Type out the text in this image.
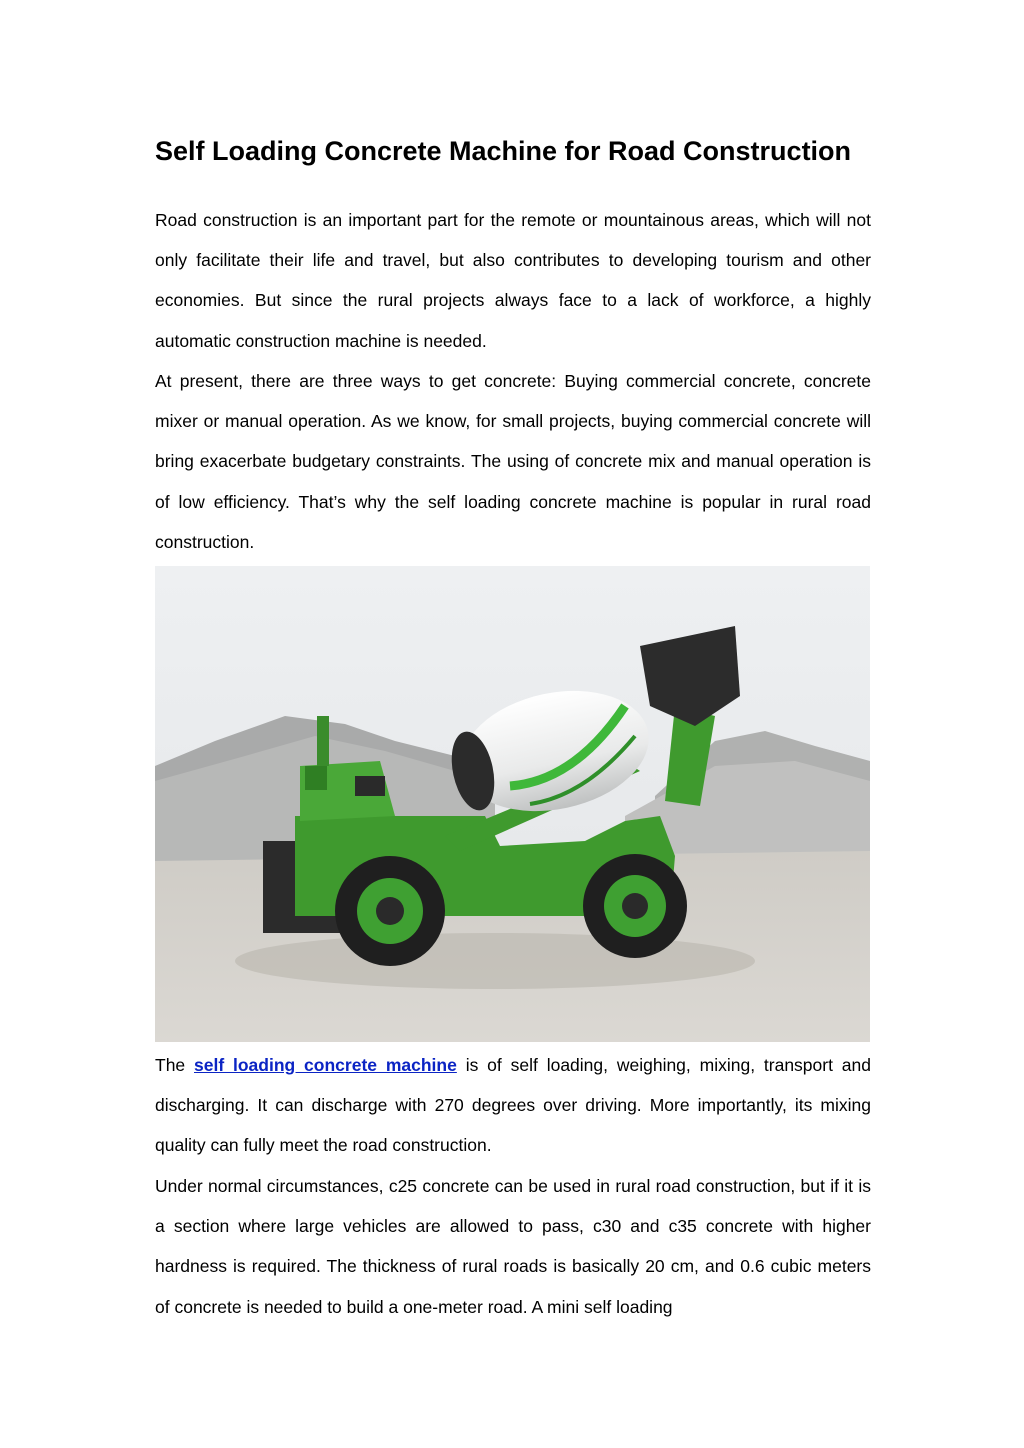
Self Loading Concrete Machine for Road Construction

Road construction is an important part for the remote or mountainous areas, which will not only facilitate their life and travel, but also contributes to developing tourism and other economies. But since the rural projects always face to a lack of workforce, a highly automatic construction machine is needed.

At present, there are three ways to get concrete: Buying commercial concrete, concrete mixer or manual operation. As we know, for small projects, buying commercial concrete will bring exacerbate budgetary constraints. The using of concrete mix and manual operation is of low efficiency. That’s why the self loading concrete machine is popular in rural road construction.

The self loading concrete machine is of self loading, weighing, mixing, transport and discharging. It can discharge with 270 degrees over driving. More importantly, its mixing quality can fully meet the road construction.

Under normal circumstances, c25 concrete can be used in rural road construction, but if it is a section where large vehicles are allowed to pass, c30 and c35 concrete with higher hardness is required. The thickness of rural roads is basically 20 cm, and 0.6 cubic meters of concrete is needed to build a one-meter road. A mini self loading
